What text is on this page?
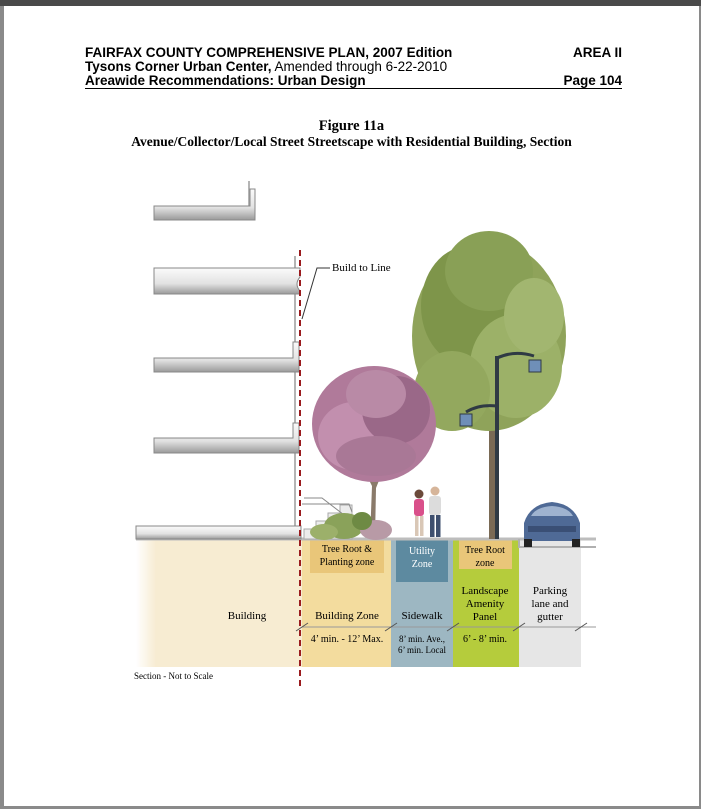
FAIRFAX COUNTY COMPREHENSIVE PLAN, 2007 Edition	AREA II
Tysons Corner Urban Center, Amended through 6-22-2010
Areawide Recommendations: Urban Design	Page 104
Figure 11a
Avenue/Collector/Local Street Streetscape with Residential Building, Section
Build to Line
Building	Building Zone
4’ min. - 12’ Max.
Tree Root &
Planting zone
Utility
Zone
Sidewalk
8’ min. Ave.,
6’ min. Local
Tree Root
zone
Landscape
Amenity
Panel
6’ - 8’ min.
Parking
lane and
gutter
Section - Not to Scale
